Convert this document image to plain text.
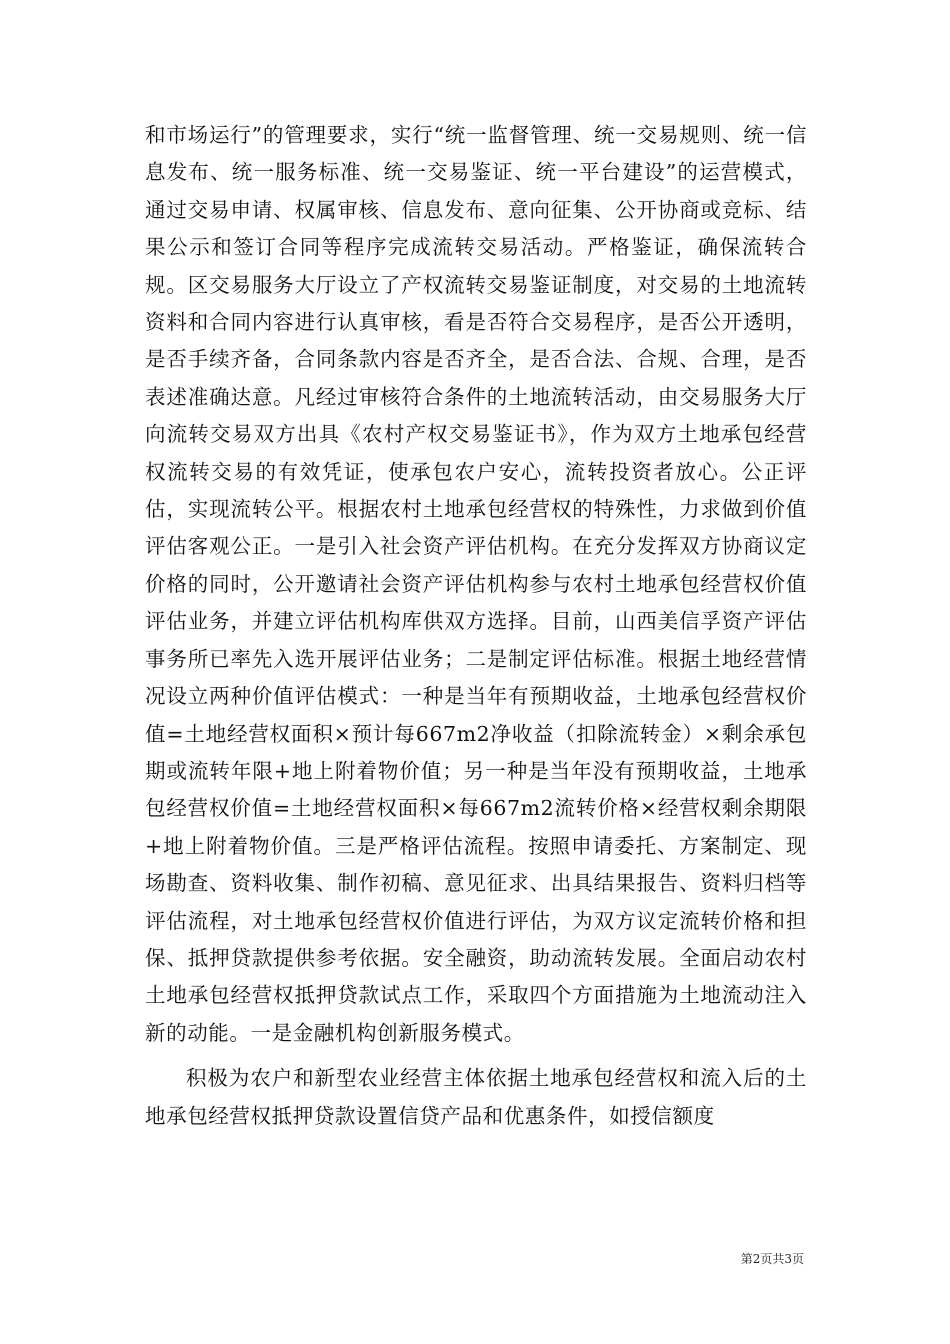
和市场运行”的管理要求，实行“统一监督管理、统一交易规则、统一信息发布、统一服务标准、统一交易鉴证、统一平台建设”的运营模式，通过交易申请、权属审核、信息发布、意向征集、公开协商或竞标、结果公示和签订合同等程序完成流转交易活动。严格鉴证，确保流转合规。区交易服务大厅设立了产权流转交易鉴证制度，对交易的土地流转资料和合同内容进行认真审核，看是否符合交易程序，是否公开透明，是否手续齐备，合同条款内容是否齐全，是否合法、合规、合理，是否表述准确达意。凡经过审核符合条件的土地流转活动，由交易服务大厅向流转交易双方出具《农村产权交易鉴证书》，作为双方土地承包经营权流转交易的有效凭证，使承包农户安心，流转投资者放心。公正评估，实现流转公平。根据农村土地承包经营权的特殊性，力求做到价值评估客观公正。一是引入社会资产评估机构。在充分发挥双方协商议定价格的同时，公开邀请社会资产评估机构参与农村土地承包经营权价值评估业务，并建立评估机构库供双方选择。目前，山西美信孚资产评估事务所已率先入选开展评估业务；二是制定评估标准。根据土地经营情况设立两种价值评估模式：一种是当年有预期收益，土地承包经营权价值=土地经营权面积×预计每667m2净收益（扣除流转金）×剩余承包期或流转年限+地上附着物价值；另一种是当年没有预期收益，土地承包经营权价值=土地经营权面积×每667m2流转价格×经营权剩余期限+地上附着物价值。三是严格评估流程。按照申请委托、方案制定、现场勘查、资料收集、制作初稿、意见征求、出具结果报告、资料归档等评估流程，对土地承包经营权价值进行评估，为双方议定流转价格和担保、抵押贷款提供参考依据。安全融资，助动流转发展。全面启动农村土地承包经营权抵押贷款试点工作，采取四个方面措施为土地流动注入新的动能。一是金融机构创新服务模式。

积极为农户和新型农业经营主体依据土地承包经营权和流入后的土地承包经营权抵押贷款设置信贷产品和优惠条件，如授信额度

第2页共3页
